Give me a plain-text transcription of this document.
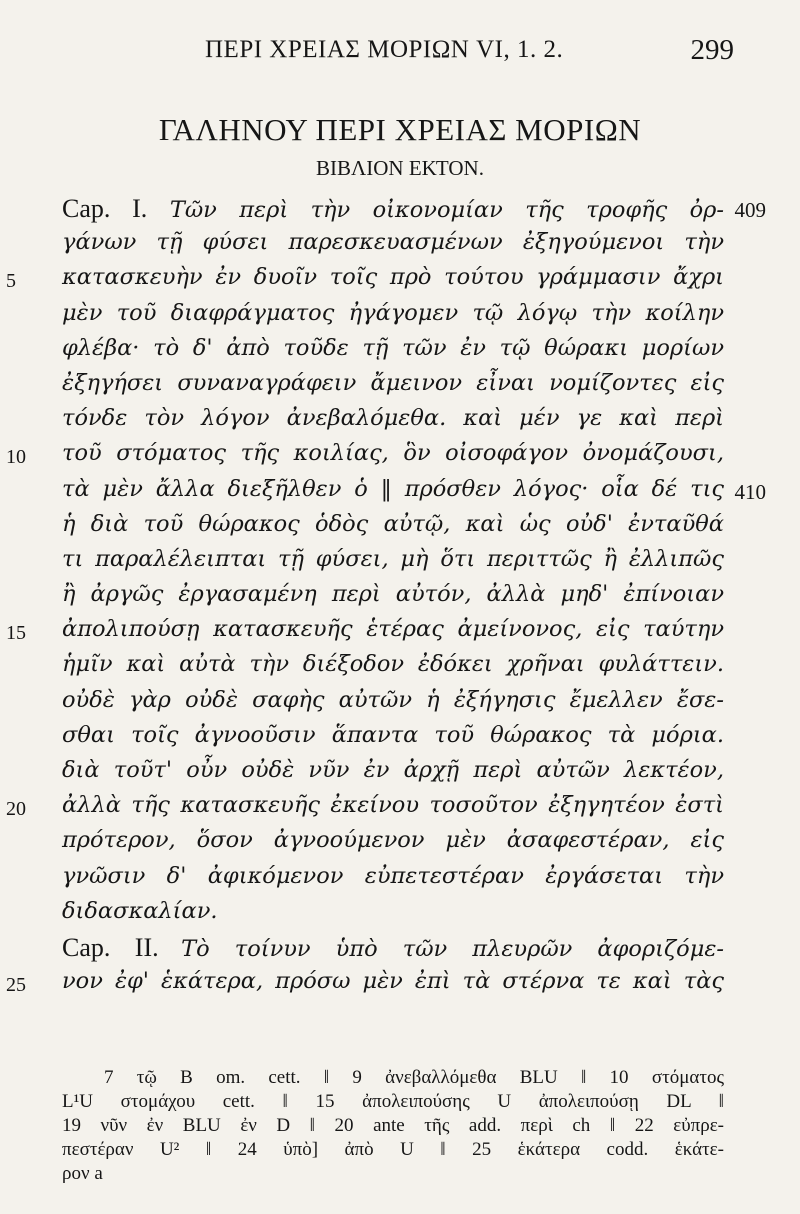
ΠΕΡΙ ΧΡΕΙΑΣ ΜΟΡΙΩΝ VI, 1. 2.	299
ΓΑΛΗΝΟΥ ΠΕΡΙ ΧΡΕΙΑΣ ΜΟΡΙΩΝ
ΒΙΒΛΙΟΝ ΕΚΤΟΝ.
Cap. I.  Τῶν περὶ τὴν οἰκονομίαν τῆς τροφῆς ὀρ- 409
γάνων τῇ φύσει παρεσκευασμένων ἐξηγούμενοι τὴν
5 κατασκευὴν ἐν δυοῖν τοῖς πρὸ τούτου γράμμασιν ἄχρι
μὲν τοῦ διαφράγματος ἠγάγομεν τῷ λόγῳ τὴν κοίλην
φλέβα· τὸ δ' ἀπὸ τοῦδε τῇ τῶν ἐν τῷ θώρακι μορίων
ἐξηγήσει συναναγράφειν ἄμεινον εἶναι νομίζοντες εἰς
τόνδε τὸν λόγον ἀνεβαλόμεθα. καὶ μέν γε καὶ περὶ
10 τοῦ στόματος τῆς κοιλίας, ὃν οἰσοφάγον ὀνομάζουσι,
τὰ μὲν ἄλλα διεξῆλθεν ὁ ‖ πρόσθεν λόγος· οἷα δέ τις 410
ἡ διὰ τοῦ θώρακος ὁδὸς αὐτῷ, καὶ ὡς οὐδ' ἐνταῦθά
τι παραλέλειπται τῇ φύσει, μὴ ὅτι περιττῶς ἢ ἐλλιπῶς
ἢ ἀργῶς ἐργασαμένη περὶ αὐτόν, ἀλλὰ μηδ' ἐπίνοιαν
15 ἀπολιπούσῃ κατασκευῆς ἑτέρας ἀμείνονος, εἰς ταύτην
ἡμῖν καὶ αὐτὰ τὴν διέξοδον ἐδόκει χρῆναι φυλάττειν.
οὐδὲ γὰρ οὐδὲ σαφὴς αὐτῶν ἡ ἐξήγησις ἔμελλεν ἔσε-
σθαι τοῖς ἀγνοοῦσιν ἅπαντα τοῦ θώρακος τὰ μόρια.
διὰ τοῦτ' οὖν οὐδὲ νῦν ἐν ἀρχῇ περὶ αὐτῶν λεκτέον,
20 ἀλλὰ τῆς κατασκευῆς ἐκείνου τοσοῦτον ἐξηγητέον ἐστὶ
πρότερον, ὅσον ἀγνοούμενον μὲν ἀσαφεστέραν, εἰς
γνῶσιν δ' ἀφικόμενον εὐπετεστέραν ἐργάσεται τὴν
διδασκαλίαν.
Cap. II.  Τὸ τοίνυν ὑπὸ τῶν πλευρῶν ἀφοριζόμε-
25 νον ἐφ' ἑκάτερα, πρόσω μὲν ἐπὶ τὰ στέρνα τε καὶ τὰς
7 τῷ B om. cett. ‖ 9 ἀνεβαλλόμεθα BLU ‖ 10 στόματος
L¹U στομάχου cett. ‖ 15 ἀπολειπούσης U ἀπολειπούσῃ DL ‖
19 νῦν ἐν BLU ἐν D ‖ 20 ante τῆς add. περὶ ch ‖ 22 εὐπρε-
πεστέραν U² ‖ 24 ὑπὸ] ἀπὸ U ‖ 25 ἑκάτερα codd. ἑκάτε-
ρον a
